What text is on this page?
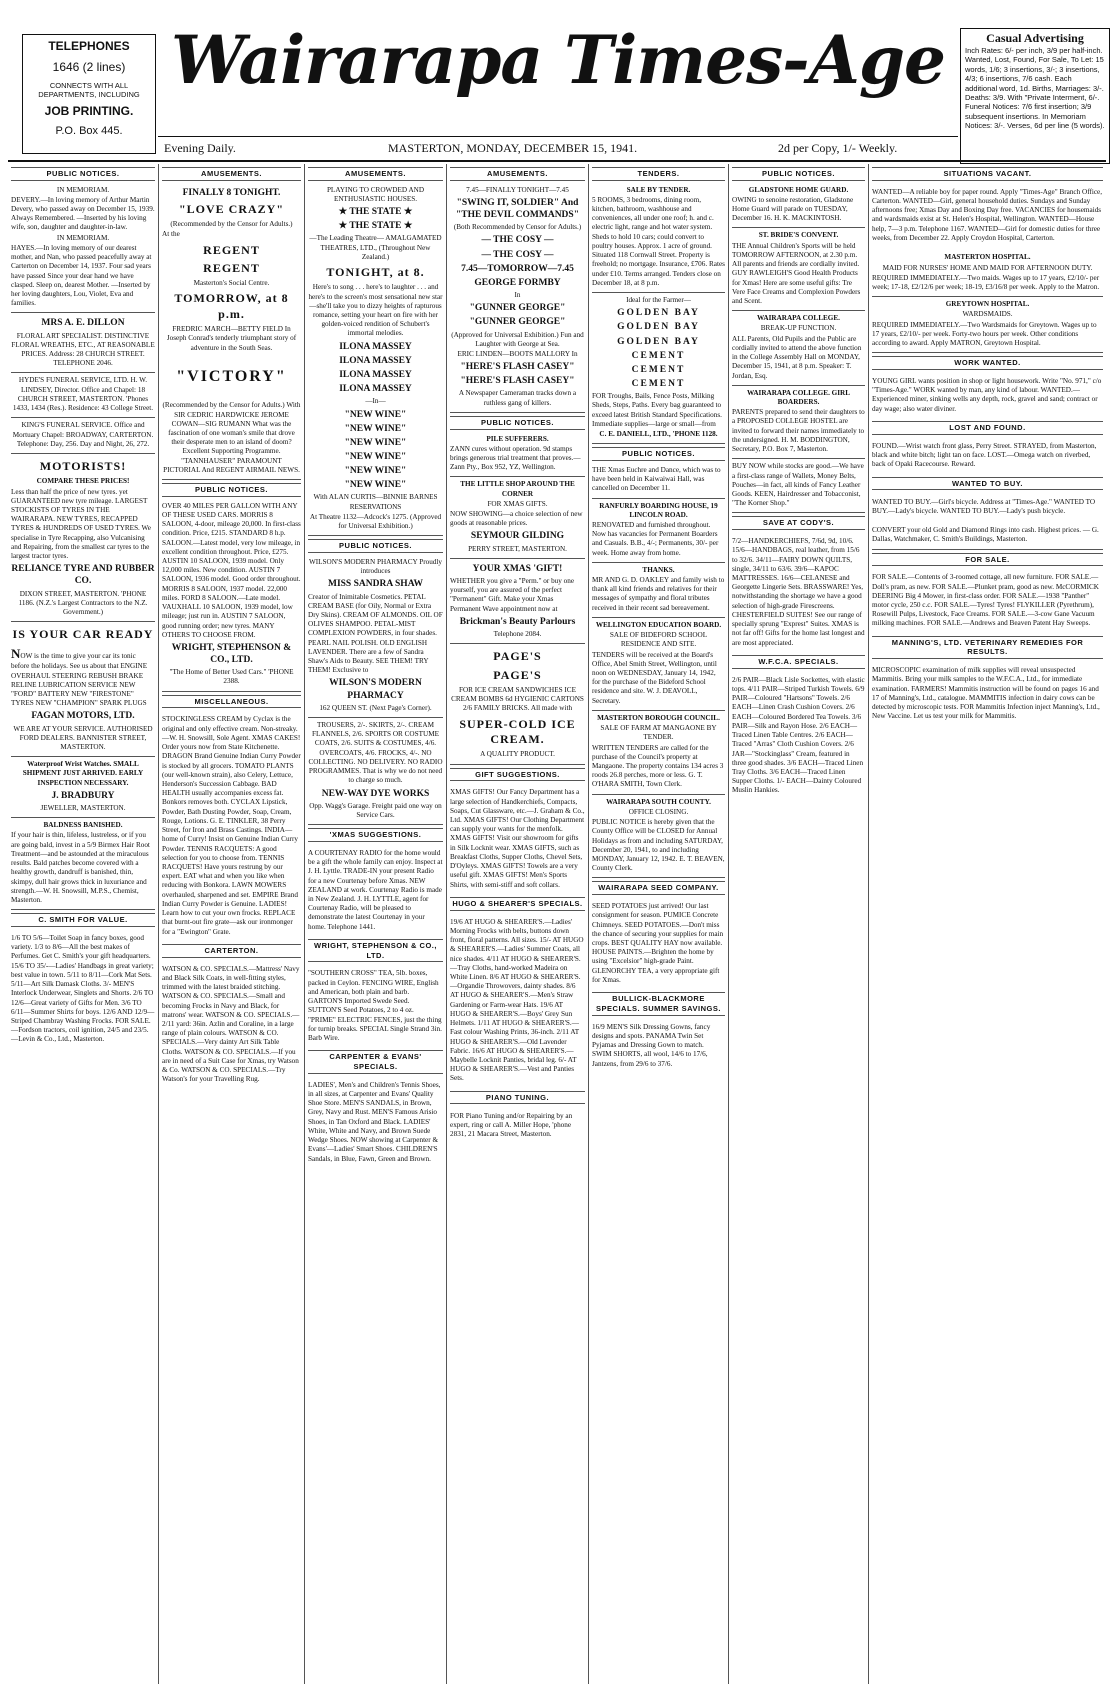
TELEPHONES
1646 (2 lines)
CONNECTS WITH ALL DEPARTMENTS, INCLUDING
JOB PRINTING.
P.O. Box 445.
Wairarapa Times-Age	Casual Advertising
Inch Rates: 6/- per inch, 3/9 per half-inch. Wanted, Lost, Found, For Sale, To Let: 15 words, 1/6; 3 insertions, 3/-; 3 insertions, 4/3; 6 insertions, 7/6 cash. Each additional word, 1d. Births, Marriages: 3/-. Deaths: 3/9. With "Private Interment, 6/-. Funeral Notices: 7/6 first insertion; 3/9 subsequent insertions. In Memoriam Notices: 3/-. Verses, 6d per line (5 words).
Evening Daily.	MASTERTON, MONDAY, DECEMBER 15, 1941.	2d per Copy, 1/- Weekly.
PUBLIC NOTICES.

IN MEMORIAM.

DEVERY.—In loving memory of Arthur Martin Devery, who passed away on December 15, 1939. Always Remembered. —Inserted by his loving wife, son, daughter and daughter-in-law.

IN MEMORIAM.

HAYES.—In loving memory of our dearest mother, and Nan, who passed peacefully away at Carterton on December 14, 1937. Four sad years have passed Since your dear hand we have clasped. Sleep on, dearest Mother. —Inserted by her loving daughters, Lou, Violet, Eva and families.

MRS A. E. DILLON

FLORAL ART SPECIALIST. DISTINCTIVE FLORAL WREATHS, ETC., AT REASONABLE PRICES. Address: 28 CHURCH STREET. TELEPHONE 2046.

HYDE'S FUNERAL SERVICE, LTD. H. W. LINDSEY, Director. Office and Chapel: 18 CHURCH STREET, MASTERTON. 'Phones 1433, 1434 (Res.). Residence: 43 College Street.

KING'S FUNERAL SERVICE. Office and Mortuary Chapel: BROADWAY, CARTERTON. Telephone: Day, 256. Day and Night, 26, 272.

MOTORISTS!

COMPARE THESE PRICES!

Less than half the price of new tyres. yet GUARANTEED new tyre mileage. LARGEST STOCKISTS OF TYRES IN THE WAIRARAPA. NEW TYRES, RECAPPED TYRES & HUNDREDS OF USED TYRES. We specialise in Tyre Recapping, also Vulcanising and Repairing, from the smallest car tyres to the largest tractor tyres.

RELIANCE TYRE AND RUBBER CO.

DIXON STREET, MASTERTON. 'PHONE 1186. (N.Z.'s Largest Contractors to the N.Z. Government.)

IS YOUR CAR READY

NOW is the time to give your car its tonic before the holidays. See us about that ENGINE OVERHAUL STEERING REBUSH BRAKE RELINE LUBRICATION SERVICE NEW "FORD" BATTERY NEW "FIRESTONE" TYRES NEW "CHAMPION" SPARK PLUGS

FAGAN MOTORS, LTD.

WE ARE AT YOUR SERVICE. AUTHORISED FORD DEALERS. BANNISTER STREET, MASTERTON.

Waterproof Wrist Watches. SMALL SHIPMENT JUST ARRIVED. EARLY INSPECTION NECESSARY.

J. BRADBURY

JEWELLER, MASTERTON.

BALDNESS BANISHED.

If your hair is thin, lifeless, lustreless, or if you are going bald, invest in a 5/9 Birmex Hair Root Treatment—and be astounded at the miraculous results. Bald patches become covered with a healthy growth, dandruff is banished, thin, skimpy, dull hair grows thick in luxuriance and strength.—W. H. Snowsill, M.P.S., Chemist, Masterton.

C. SMITH FOR VALUE.

1/6 TO 5/6—Toilet Soap in fancy boxes, good variety. 1/3 to 8/6—All the best makes of Perfumes. Get C. Smith's your gift headquarters. 15/6 TO 35/-—Ladies' Handbags in great variety; best value in town. 5/11 to 8/11—Cork Mat Sets. 5/11—Art Silk Damask Cloths. 3/- MEN'S Interlock Underwear, Singlets and Shorts. 2/6 TO 12/6—Great variety of Gifts for Men. 3/6 TO 6/11—Summer Shirts for boys. 12/6 AND 12/9—Striped Chambray Washing Frocks. FOR SALE.—Fordson tractors, coil ignition, 24/5 and 23/5.—Levin & Co., Ltd., Masterton.

AMUSEMENTS.
FINALLY 8 TONIGHT.
"LOVE CRAZY"

(Recommended by the Censor for Adults.)

At the

REGENT
REGENT

Masterton's Social Centre.

TOMORROW, at 8 p.m.

FREDRIC MARCH—BETTY FIELD In Joseph Conrad's tenderly triumphant story of adventure in the South Seas.

"VICTORY"

(Recommended by the Censor for Adults.) With SIR CEDRIC HARDWICKE JEROME COWAN—SIG RUMANN What was the fascination of one woman's smile that drove their desperate men to an island of doom? Excellent Supporting Programme. "TANNHAUSER" PARAMOUNT PICTORIAL And REGENT AIRMAIL NEWS.

PUBLIC NOTICES.

OVER 40 MILES PER GALLON WITH ANY OF THESE USED CARS. MORRIS 8 SALOON, 4-door, mileage 20,000. In first-class condition. Price, £215. STANDARD 8 h.p. SALOON.—Latest model, very low mileage, in excellent condition throughout. Price, £275. AUSTIN 10 SALOON, 1939 model. Only 12,000 miles. New condition. AUSTIN 7 SALOON, 1936 model. Good order throughout. MORRIS 8 SALOON, 1937 model. 22,000 miles. FORD 8 SALOON.—Late model. VAUXHALL 10 SALOON, 1939 model, low mileage; just run in. AUSTIN 7 SALOON, good running order; new tyres. MANY OTHERS TO CHOOSE FROM.

WRIGHT, STEPHENSON & CO., LTD.

"The Home of Better Used Cars." 'PHONE 2388.

MISCELLANEOUS.

STOCKINGLESS CREAM by Cyclax is the original and only effective cream. Non-streaky.—W. H. Snowsill, Sole Agent. XMAS CAKES! Order yours now from State Kitchenette. DRAGON Brand Genuine Indian Curry Powder is stocked by all grocers. TOMATO PLANTS (our well-known strain), also Celery, Lettuce, Henderson's Succession Cabbage. BAD HEALTH usually accompanies excess fat. Bonkors removes both. CYCLAX Lipstick, Powder, Bath Dusting Powder, Soap, Cream, Rouge, Lotions. G. E. TINKLER, 38 Perry Street, for Iron and Brass Castings. INDIA—home of Curry! Insist on Genuine Indian Curry Powder. TENNIS RACQUETS: A good selection for you to choose from. TENNIS RACQUETS! Have yours restrung by our expert. EAT what and when you like when reducing with Bonkora. LAWN MOWERS overhauled, sharpened and set. EMPIRE Brand Indian Curry Powder is Genuine. LADIES! Learn how to cut your own frocks. REPLACE that burnt-out fire grate—ask our ironmonger for a "Ewington" Grate.

CARTERTON.

WATSON & CO. SPECIALS.—Mattress' Navy and Black Silk Coats, in well-fitting styles, trimmed with the latest braided stitching. WATSON & CO. SPECIALS.—Small and becoming Frocks in Navy and Black, for matrons' wear. WATSON & CO. SPECIALS.—2/11 yard: 36in. Azlin and Coraline, in a large range of plain colours. WATSON & CO. SPECIALS.—Very dainty Art Silk Table Cloths. WATSON & CO. SPECIALS.—If you are in need of a Suit Case for Xmas, try Watson & Co. WATSON & CO. SPECIALS.—Try Watson's for your Travelling Rug.

AMUSEMENTS.

PLAYING TO CROWDED AND ENTHUSIASTIC HOUSES.

★ THE STATE ★
★ THE STATE ★

—The Leading Theatre— AMALGAMATED THEATRES, LTD., (Throughout New Zealand.)

TONIGHT, at 8.

Here's to song . . . here's to laughter . . . and here's to the screen's most sensational new star—she'll take you to dizzy heights of rapturous romance, setting your heart on fire with her golden-voiced rendition of Schubert's immortal melodies.

ILONA MASSEY
ILONA MASSEY
ILONA MASSEY
ILONA MASSEY

—In—

"NEW WINE"
"NEW WINE"
"NEW WINE"
"NEW WINE"
"NEW WINE"
"NEW WINE"

With ALAN CURTIS—BINNIE BARNES RESERVATIONS

At Theatre 1132—Adcock's 1275. (Approved for Universal Exhibition.)

PUBLIC NOTICES.

WILSON'S MODERN PHARMACY Proudly introduces

MISS SANDRA SHAW

Creator of Inimitable Cosmetics. PETAL CREAM BASE (for Oily, Normal or Extra Dry Skins). CREAM OF ALMONDS. OIL OF OLIVES SHAMPOO. PETAL-MIST COMPLEXION POWDERS, in four shades. PEARL NAIL POLISH. OLD ENGLISH LAVENDER. There are a few of Sandra Shaw's Aids to Beauty. SEE THEM! TRY THEM! Exclusive to

WILSON'S MODERN PHARMACY

162 QUEEN ST. (Next Page's Corner).

TROUSERS, 2/-. SKIRTS, 2/-. CREAM FLANNELS, 2/6. SPORTS OR COSTUME COATS, 2/6. SUITS & COSTUMES, 4/6. OVERCOATS, 4/6. FROCKS, 4/-. NO COLLECTING. NO DELIVERY. NO RADIO PROGRAMMES. That is why we do not need to charge so much.

NEW-WAY DYE WORKS

Opp. Wagg's Garage. Freight paid one way on Service Cars.

'XMAS SUGGESTIONS.

A COURTENAY RADIO for the home would be a gift the whole family can enjoy. Inspect at J. H. Lyttle. TRADE-IN your present Radio for a new Courtenay before Xmas. NEW ZEALAND at work. Courtenay Radio is made in New Zealand. J. H. LYTTLE, agent for Courtenay Radio, will be pleased to demonstrate the latest Courtenay in your home. Telephone 1441.

WRIGHT, STEPHENSON & CO., LTD.

"SOUTHERN CROSS" TEA, 5lb. boxes, packed in Ceylon. FENCING WIRE, English and American, both plain and barb. GARTON'S Imported Swede Seed. SUTTON'S Seed Potatoes, 2 to 4 oz. "PRIME" ELECTRIC FENCES, just the thing for turnip breaks. SPECIAL Single Strand 3in. Barb Wire.

CARPENTER & EVANS' SPECIALS.

LADIES', Men's and Children's Tennis Shoes, in all sizes, at Carpenter and Evans' Quality Shoe Store. MEN'S SANDALS, in Brown, Grey, Navy and Rust. MEN'S Famous Arisio Shoes, in Tan Oxford and Black. LADIES' White, White and Navy, and Brown Suede Wedge Shoes. NOW showing at Carpenter & Evans'—Ladies' Smart Shoes. CHILDREN'S Sandals, in Blue, Fawn, Green and Brown.

AMUSEMENTS.

7.45—FINALLY TONIGHT—7.45

"SWING IT, SOLDIER" And "THE DEVIL COMMANDS"

(Both Recommended by Censor for Adults.)

— THE COSY —
— THE COSY —
7.45—TOMORROW—7.45
GEORGE FORMBY

In

"GUNNER GEORGE"
"GUNNER GEORGE"

(Approved for Universal Exhibition.) Fun and Laughter with George at Sea.

ERIC LINDEN—BOOTS MALLORY In

"HERE'S FLASH CASEY"
"HERE'S FLASH CASEY"

A Newspaper Cameraman tracks down a ruthless gang of killers.

PUBLIC NOTICES.

PILE SUFFERERS.

ZANN cures without operation. 9d stamps brings generous trial treatment that proves.—Zann Pty., Box 952, YZ, Wellington.

THE LITTLE SHOP AROUND THE CORNER

FOR XMAS GIFTS.

NOW SHOWING—a choice selection of new goods at reasonable prices.

SEYMOUR GILDING

PERRY STREET, MASTERTON.

YOUR XMAS 'GIFT!

WHETHER you give a "Perm." or buy one yourself, you are assured of the perfect "Permanent" Gift. Make your Xmas Permanent Wave appointment now at

Brickman's Beauty Parlours

Telephone 2084.

PAGE'S
PAGE'S

FOR ICE CREAM SANDWICHES ICE CREAM BOMBS 6d HYGIENIC CARTONS 2/6 FAMILY BRICKS. All made with

SUPER-COLD ICE CREAM.

A QUALITY PRODUCT.

GIFT SUGGESTIONS.

XMAS GIFTS! Our Fancy Department has a large selection of Handkerchiefs, Compacts, Soaps, Cut Glassware, etc.—J. Graham & Co., Ltd. XMAS GIFTS! Our Clothing Department can supply your wants for the menfolk. XMAS GIFTS! Visit our showroom for gifts in Silk Locknit wear. XMAS GIFTS, such as Breakfast Cloths, Supper Cloths, Chevel Sets, D'Oyleys. XMAS GIFTS! Towels are a very useful gift. XMAS GIFTS! Men's Sports Shirts, with semi-stiff and soft collars.

HUGO & SHEARER'S SPECIALS.

19/6 AT HUGO & SHEARER'S.—Ladies' Morning Frocks with belts, buttons down front, floral patterns. All sizes. 15/- AT HUGO & SHEARER'S.—Ladies' Summer Coats, all nice shades. 4/11 AT HUGO & SHEARER'S.—Tray Cloths, hand-worked Madeira on White Linen. 8/6 AT HUGO & SHEARER'S.—Organdie Throwovers, dainty shades. 8/6 AT HUGO & SHEARER'S.—Men's Straw Gardening or Farm-wear Hats. 19/6 AT HUGO & SHEARER'S.—Boys' Grey Sun Helmets. 1/11 AT HUGO & SHEARER'S.—Fast colour Washing Prints, 36-inch. 2/11 AT HUGO & SHEARER'S.—Old Lavender Fabric. 16/6 AT HUGO & SHEARER'S.—Maybelle Locknit Panties, bridal leg. 6/- AT HUGO & SHEARER'S.—Vest and Panties Sets.

PIANO TUNING.

FOR Piano Tuning and/or Repairing by an expert, ring or call A. Miller Hope, 'phone 2831, 21 Macara Street, Masterton.

TENDERS.

SALE BY TENDER.

5 ROOMS, 3 bedrooms, dining room, kitchen, bathroom, washhouse and conveniences, all under one roof; h. and c. electric light, range and hot water system. Sheds to hold 10 cars; could convert to poultry houses. Approx. 1 acre of ground. Situated 118 Cornwall Street. Property is freehold; no mortgage. Insurance, £706. Rates under £10. Terms arranged. Tenders close on December 18, at 8 p.m.

Ideal for the Farmer—

GOLDEN BAY
GOLDEN BAY
GOLDEN BAY
CEMENT
CEMENT
CEMENT

FOR Troughs, Bails, Fence Posts, Milking Sheds, Steps, Paths. Every bag guaranteed to exceed latest British Standard Specifications. Immediate supplies—large or small—from

C. E. DANIELL, LTD., 'PHONE 1128.

PUBLIC NOTICES.

THE Xmas Euchre and Dance, which was to have been held in Kaiwaiwai Hall, was cancelled on December 11.

RANFURLY BOARDING HOUSE, 19 LINCOLN ROAD.

RENOVATED and furnished throughout. Now has vacancies for Permanent Boarders and Casuals. B.B., 4/-; Permanents, 30/- per week. Home away from home.

THANKS.

MR AND G. D. OAKLEY and family wish to thank all kind friends and relatives for their messages of sympathy and floral tributes received in their recent sad bereavement.

WELLINGTON EDUCATION BOARD.

SALE OF BIDEFORD SCHOOL RESIDENCE AND SITE.

TENDERS will be received at the Board's Office, Abel Smith Street, Wellington, until noon on WEDNESDAY, January 14, 1942, for the purchase of the Bideford School residence and site. W. J. DEAVOLL, Secretary.

MASTERTON BOROUGH COUNCIL.

SALE OF FARM AT MANGAONE BY TENDER.

WRITTEN TENDERS are called for the purchase of the Council's property at Mangaone. The property contains 134 acres 3 roods 26.8 perches, more or less. G. T. O'HARA SMITH, Town Clerk.

WAIRARAPA SOUTH COUNTY.

OFFICE CLOSING.

PUBLIC NOTICE is hereby given that the County Office will be CLOSED for Annual Holidays as from and including SATURDAY, December 20, 1941, to and including MONDAY, January 12, 1942. E. T. BEAVEN, County Clerk.

WAIRARAPA SEED COMPANY.

SEED POTATOES just arrived! Our last consignment for season. PUMICE Concrete Chimneys. SEED POTATOES.—Don't miss the chance of securing your supplies for main crops. BEST QUALITY HAY now available. HOUSE PAINTS.—Brighten the home by using "Excelsior" high-grade Paint. GLENORCHY TEA, a very appropriate gift for Xmas.

BULLICK-BLACKMORE SPECIALS. SUMMER SAVINGS.

16/9 MEN'S Silk Dressing Gowns, fancy designs and spots. PANAMA Twin Set Pyjamas and Dressing Gown to match. SWIM SHORTS, all wool, 14/6 to 17/6, Jantzens, from 29/6 to 37/6.

PUBLIC NOTICES.

GLADSTONE HOME GUARD.

OWING to senoine restoration, Gladstone Home Guard will parade on TUESDAY, December 16. H. K. MACKINTOSH.

ST. BRIDE'S CONVENT.

THE Annual Children's Sports will be held TOMORROW AFTERNOON, at 2.30 p.m. All parents and friends are cordially invited. GUY RAWLEIGH'S Good Health Products for Xmas! Here are some useful gifts: Tre Vere Face Creams and Complexion Powders and Scent.

WAIRARAPA COLLEGE.

BREAK-UP FUNCTION.

ALL Parents, Old Pupils and the Public are cordially invited to attend the above function in the College Assembly Hall on MONDAY, December 15, 1941, at 8 p.m. Speaker: T. Jordan, Esq.

WAIRARAPA COLLEGE. GIRL BOARDERS.

PARENTS prepared to send their daughters to a PROPOSED COLLEGE HOSTEL are invited to forward their names immediately to the undersigned. H. M. BODDINGTON, Secretary, P.O. Box 7, Masterton.

BUY NOW while stocks are good.—We have a first-class range of Wallets, Money Belts, Pouches—in fact, all kinds of Fancy Leather Goods. KEEN, Hairdresser and Tobacconist, "The Korner Shop."

SAVE AT CODY'S.

7/2—HANDKERCHIEFS, 7/6d, 9d, 10/6. 15/6—HANDBAGS, real leather, from 15/6 to 32/6. 34/11—FAIRY DOWN QUILTS, single, 34/11 to 63/6. 39/6—KAPOC MATTRESSES. 16/6—CELANESE and Georgette Lingerie Sets. BRASSWARE! Yes, notwithstanding the shortage we have a good selection of high-grade Firescreens. CHESTERFIELD SUITES! See our range of specially sprung "Exprest" Suites. XMAS is not far off! Gifts for the home last longest and are most appreciated.

W.F.C.A. SPECIALS.

2/6 PAIR—Black Lisle Sockettes, with elastic tops. 4/11 PAIR—Striped Turkish Towels. 6/9 PAIR—Coloured "Hartsons" Towels. 2/6 EACH—Linen Crash Cushion Covers. 2/6 EACH—Coloured Bordered Tea Towels. 3/6 PAIR—Silk and Rayon Hose. 2/6 EACH—Traced Linen Table Centres. 2/6 EACH—Traced "Arras" Cloth Cushion Covers. 2/6 JAR—"Stockinglass" Cream, featured in three good shades. 3/6 EACH—Traced Linen Tray Cloths. 3/6 EACH—Traced Linen Supper Cloths. 1/- EACH—Dainty Coloured Muslin Hankies.

SITUATIONS VACANT.

WANTED—A reliable boy for paper round. Apply "Times-Age" Branch Office, Carterton. WANTED—Girl, general household duties. Sundays and Sunday afternoons free; Xmas Day and Boxing Day free. VACANCIES for housemaids and wardsmaids exist at St. Helen's Hospital, Wellington. WANTED—House help, 7—3 p.m. Telephone 1167. WANTED—Girl for domestic duties for three weeks, from December 22. Apply Croydon Hospital, Carterton.

MASTERTON HOSPITAL.

MAID FOR NURSES' HOME AND MAID FOR AFTERNOON DUTY.

REQUIRED IMMEDIATELY.—Two maids. Wages up to 17 years, £2/10/- per week; 17-18, £2/12/6 per week; 18-19, £3/16/8 per week. Apply to the Matron.

GREYTOWN HOSPITAL.

WARDSMAIDS.

REQUIRED IMMEDIATELY.—Two Wardsmaids for Greytown. Wages up to 17 years, £2/10/- per week. Forty-two hours per week. Other conditions according to award. Apply MATRON, Greytown Hospital.

WORK WANTED.

YOUNG GIRL wants position in shop or light housework. Write "No. 971," c/o "Times-Age." WORK wanted by man, any kind of labour. WANTED.—Experienced miner, sinking wells any depth, rock, gravel and sand; contract or day wage; also water diviner.

LOST AND FOUND.

FOUND.—Wrist watch front glass, Perry Street. STRAYED, from Masterton, black and white bitch; light tan on face. LOST.—Omega watch on riverbed, back of Opaki Racecourse. Reward.

WANTED TO BUY.

WANTED TO BUY.—Girl's bicycle. Address at "Times-Age." WANTED TO BUY.—Lady's bicycle. WANTED TO BUY.—Lady's push bicycle.

CONVERT your old Gold and Diamond Rings into cash. Highest prices. — G. Dallas, Watchmaker, C. Smith's Buildings, Masterton.

FOR SALE.

FOR SALE.—Contents of 3-roomed cottage, all new furniture. FOR SALE.—Doll's pram, as new. FOR SALE.—Plunket pram, good as new. McCORMICK DEERING Big 4 Mower, in first-class order. FOR SALE.—1938 "Panther" motor cycle, 250 c.c. FOR SALE.—Tyres! Tyres! FLYKILLER (Pyrethrum), Rosewill Pulps, Livestock, Face Creams. FOR SALE.—3-cow Gane Vacuum milking machines. FOR SALE.—Andrews and Beaven Patent Hay Sweeps.

MANNING'S, LTD. VETERINARY REMEDIES FOR RESULTS.

MICROSCOPIC examination of milk supplies will reveal unsuspected Mammitis. Bring your milk samples to the W.F.C.A., Ltd., for immediate examination. FARMERS! Mammitis instruction will be found on pages 16 and 17 of Manning's, Ltd., catalogue. MAMMITIS infection in dairy cows can be detected by microscopic tests. FOR Mammitis Infection inject Manning's, Ltd., New Vaccine. Let us test your milk for Mammitis.
